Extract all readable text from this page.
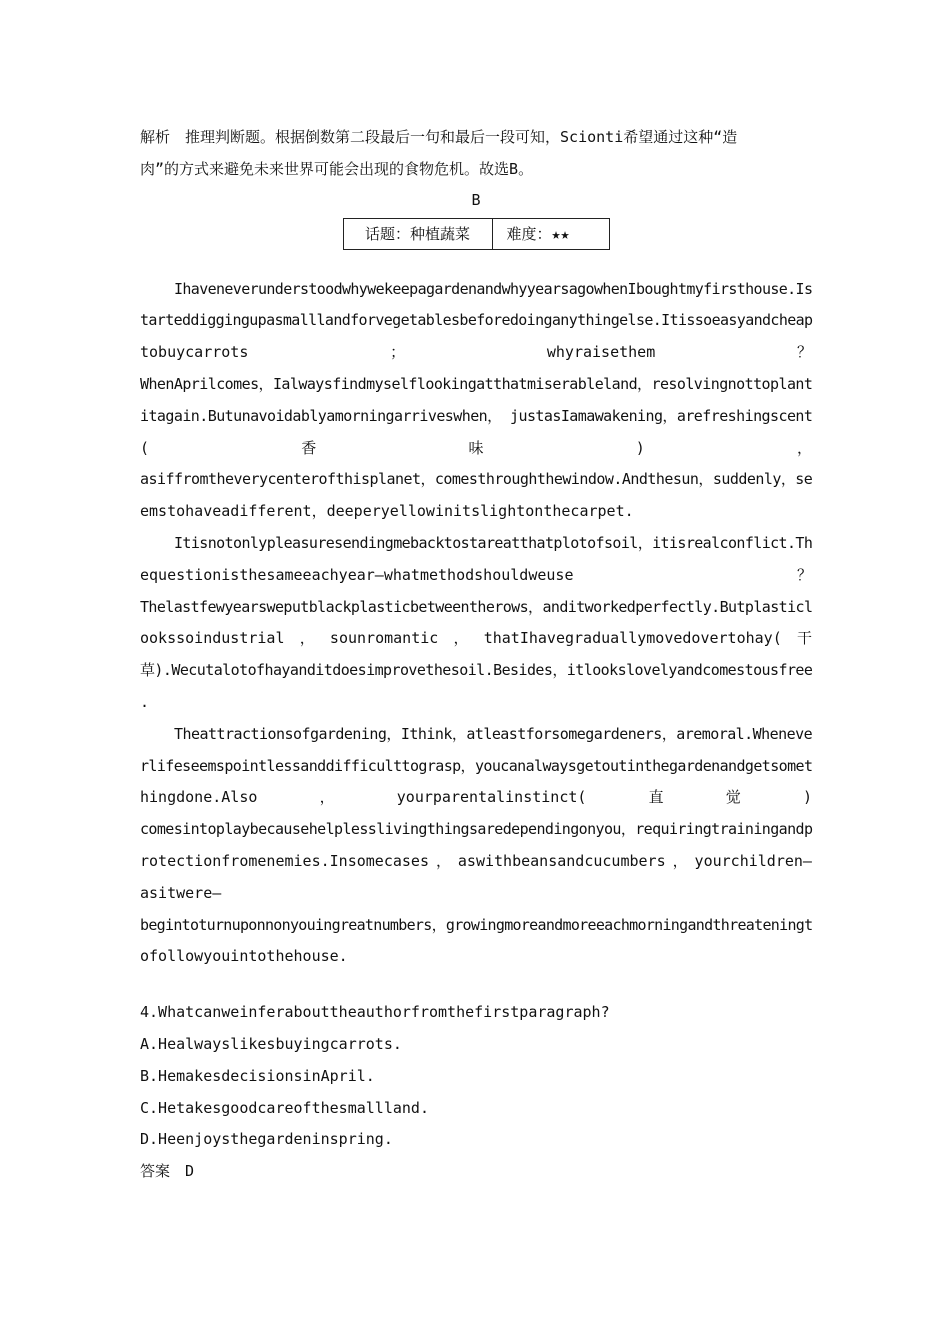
解析　推理判断题。根据倒数第二段最后一句和最后一段可知，Scionti希望通过这种“造
肉”的方式来避免未来世界可能会出现的食物危机。故选B。
B
话题：种植蔬菜	难度：★★
IhaveneverunderstoodwhywekeepagardenandwhyyearsagowhenIboughtmyfirsthouse.Is
tarteddiggingupasmalllandforvegetablesbeforedoinganythingelse.Itissoeasyandcheap
tobuycarrots	；	whyraisethem	？
WhenAprilcomes，Ialwaysfindmyselflookingatthatmiserableland，resolvingnottoplant
itagain.Butunavoidablyamorningarriveswhen， justasIamawakening，arefreshingscent
(	香	味	)	，
asiffromtheverycenterofthisplanet，comesthroughthewindow.Andthesun，suddenly，se
emstohaveadifferent，deeperyellowinitslightonthecarpet.
Itisnotonlypleasuresendingmebacktostareatthatplotofsoil，itisrealconflict.Th
equestionisthesameeachyear—whatmethodshouldweuse	？
Thelastfewyearsweputblackplasticbetweentherows，anditworkedperfectly.Butplasticl
ookssoindustrial ， sounromantic ， thatIhavegraduallymovedovertohay( 干
草).Wecutalotofhayanditdoesimprovethesoil.Besides，itlookslovelyandcomestousfree
.
Theattractionsofgardening，Ithink，atleastforsomegardeners，aremoral.Wheneve
rlifeseemspointlessanddifficulttograsp，youcanalwaysgetoutinthegardenandgetsomet
hingdone.Also	，	yourparentalinstinct(	直	觉	)
comesintoplaybecausehelplesslivingthingsaredependingonyou，requiringtrainingandp
rotectionfromenemies.Insomecases ， aswithbeansandcucumbers ， yourchildren—
asitwere—
begintoturnuponnonyouingreatnumbers，growingmoreandmoreeachmorningandthreateningt
ofollowyouintothehouse.
4.Whatcanweinferabouttheauthorfromthefirstparagraph?
A.Healwayslikesbuyingcarrots.
B.HemakesdecisionsinApril.
C.Hetakesgoodcareofthesmallland.
D.Heenjoysthegardeninspring.
答案　D
